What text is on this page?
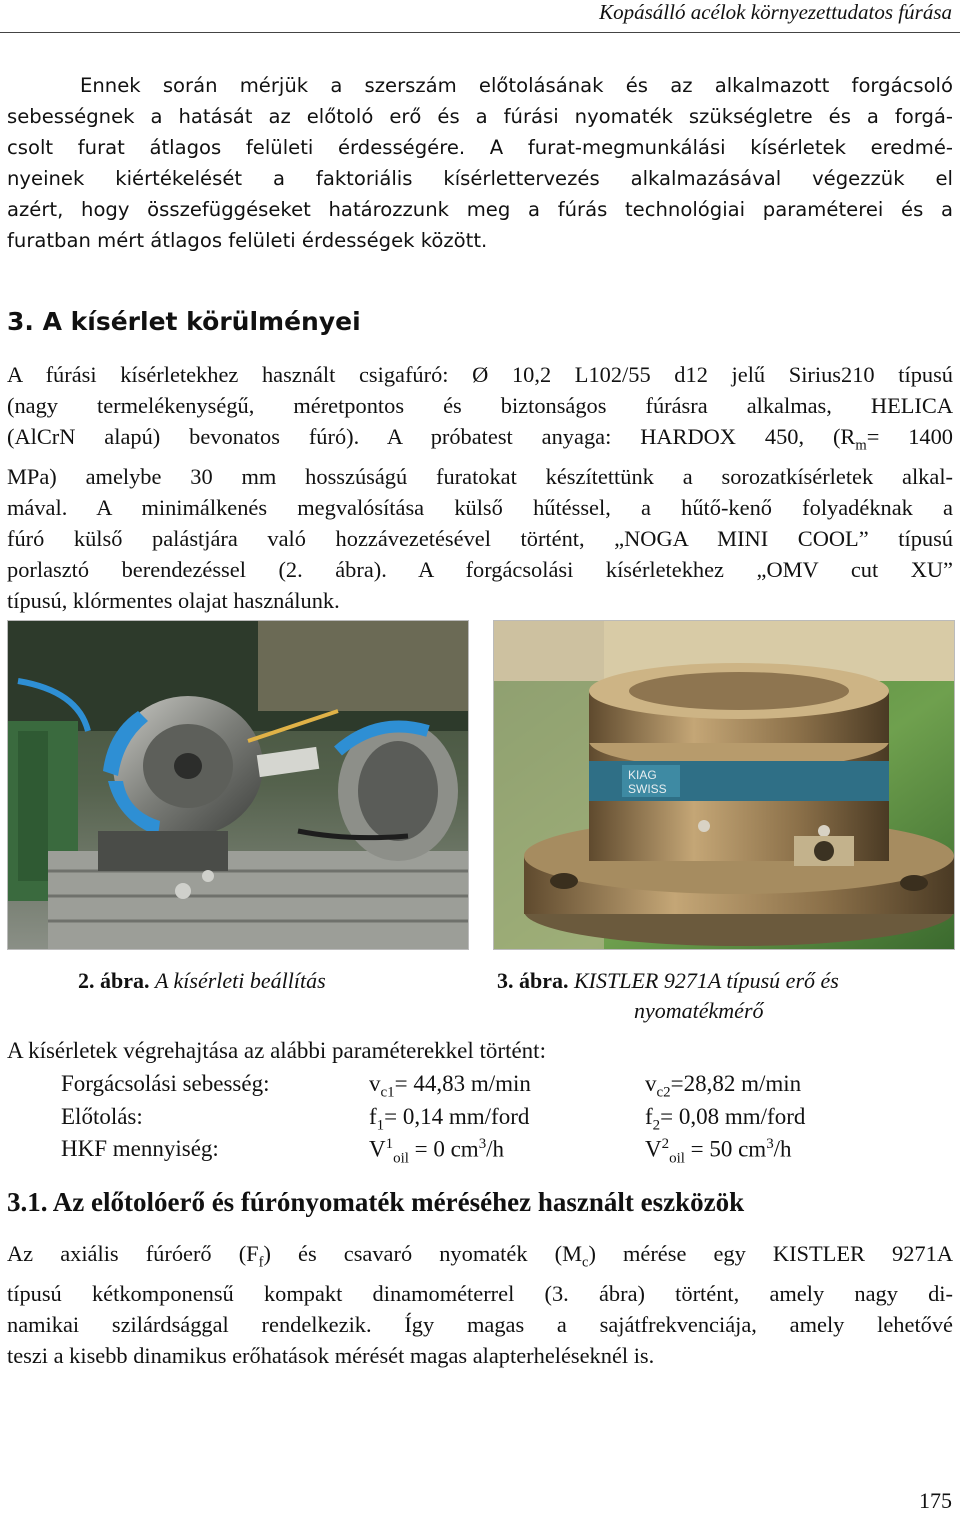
Kopásálló acélok környezettudatos fúrása
Ennek során mérjük a szerszám előtolásának és az alkalmazott forgácsoló
sebességnek a hatását az előtoló erő és a fúrási nyomaték szükségletre és a forgá-
csolt furat átlagos felületi érdességére. A furat-megmunkálási kísérletek eredmé-
nyeinek kiértékelését a faktoriális kísérlettervezés alkalmazásával végezzük el
azért, hogy összefüggéseket határozzunk meg a fúrás technológiai paraméterei és a
furatban mért átlagos felületi érdességek között.
3. A kísérlet körülményei
A fúrási kísérletekhez használt csigafúró: Ø 10,2 L102/55 d12 jelű Sirius210 típusú
(nagy termelékenységű, méretpontos és biztonságos fúrásra alkalmas, HELICA
(AlCrN alapú) bevonatos fúró). A próbatest anyaga: HARDOX 450, ($R_m= 1400$
MPa) amelybe 30 mm hosszúságú furatokat készítettünk a sorozatkísérletek alkal-
mával. A minimálkenés megvalósítása külső hűtéssel, a hűtő-kenő folyadéknak a
fúró külső palástjára való hozzávezetésével történt, „NOGA MINI COOL” típusú
porlasztó berendezéssel (2. ábra). A forgácsolási kísérletekhez „OMV cut XU”
típusú, klórmentes olajat használunk.
KIAG
SWISS
2. ábra. A kísérleti beállítás	3. ábra. KISTLER 9271A típusú erő és
nyomatékmérő
A kísérletek végrehajtása az alábbi paraméterekkel történt:
Forgácsolási sebesség:	$v_{c1}= 44,83$ m/min	$v_{c2}=28,82$ m/min
Előtolás:	$f_1= 0,14$ mm/ford	$f_2= 0,08$ mm/ford
HKF mennyiség:	$V^1_{oil} = 0$ $cm^3/h$	$V^2_{oil} = 50$ $cm^3/h$
3.1. Az előtolóerő és fúrónyomaték méréséhez használt eszközök
Az axiális fúróerő $(F_f)$ és csavaró nyomaték $(M_c)$ mérése egy KISTLER 9271A
típusú kétkomponensű kompakt dinamométerrel (3. ábra) történt, amely nagy di-
namikai szilárdsággal rendelkezik. Így magas a sajátfrekvenciája, amely lehetővé
teszi a kisebb dinamikus erőhatások mérését magas alapterheléseknél is.
175
